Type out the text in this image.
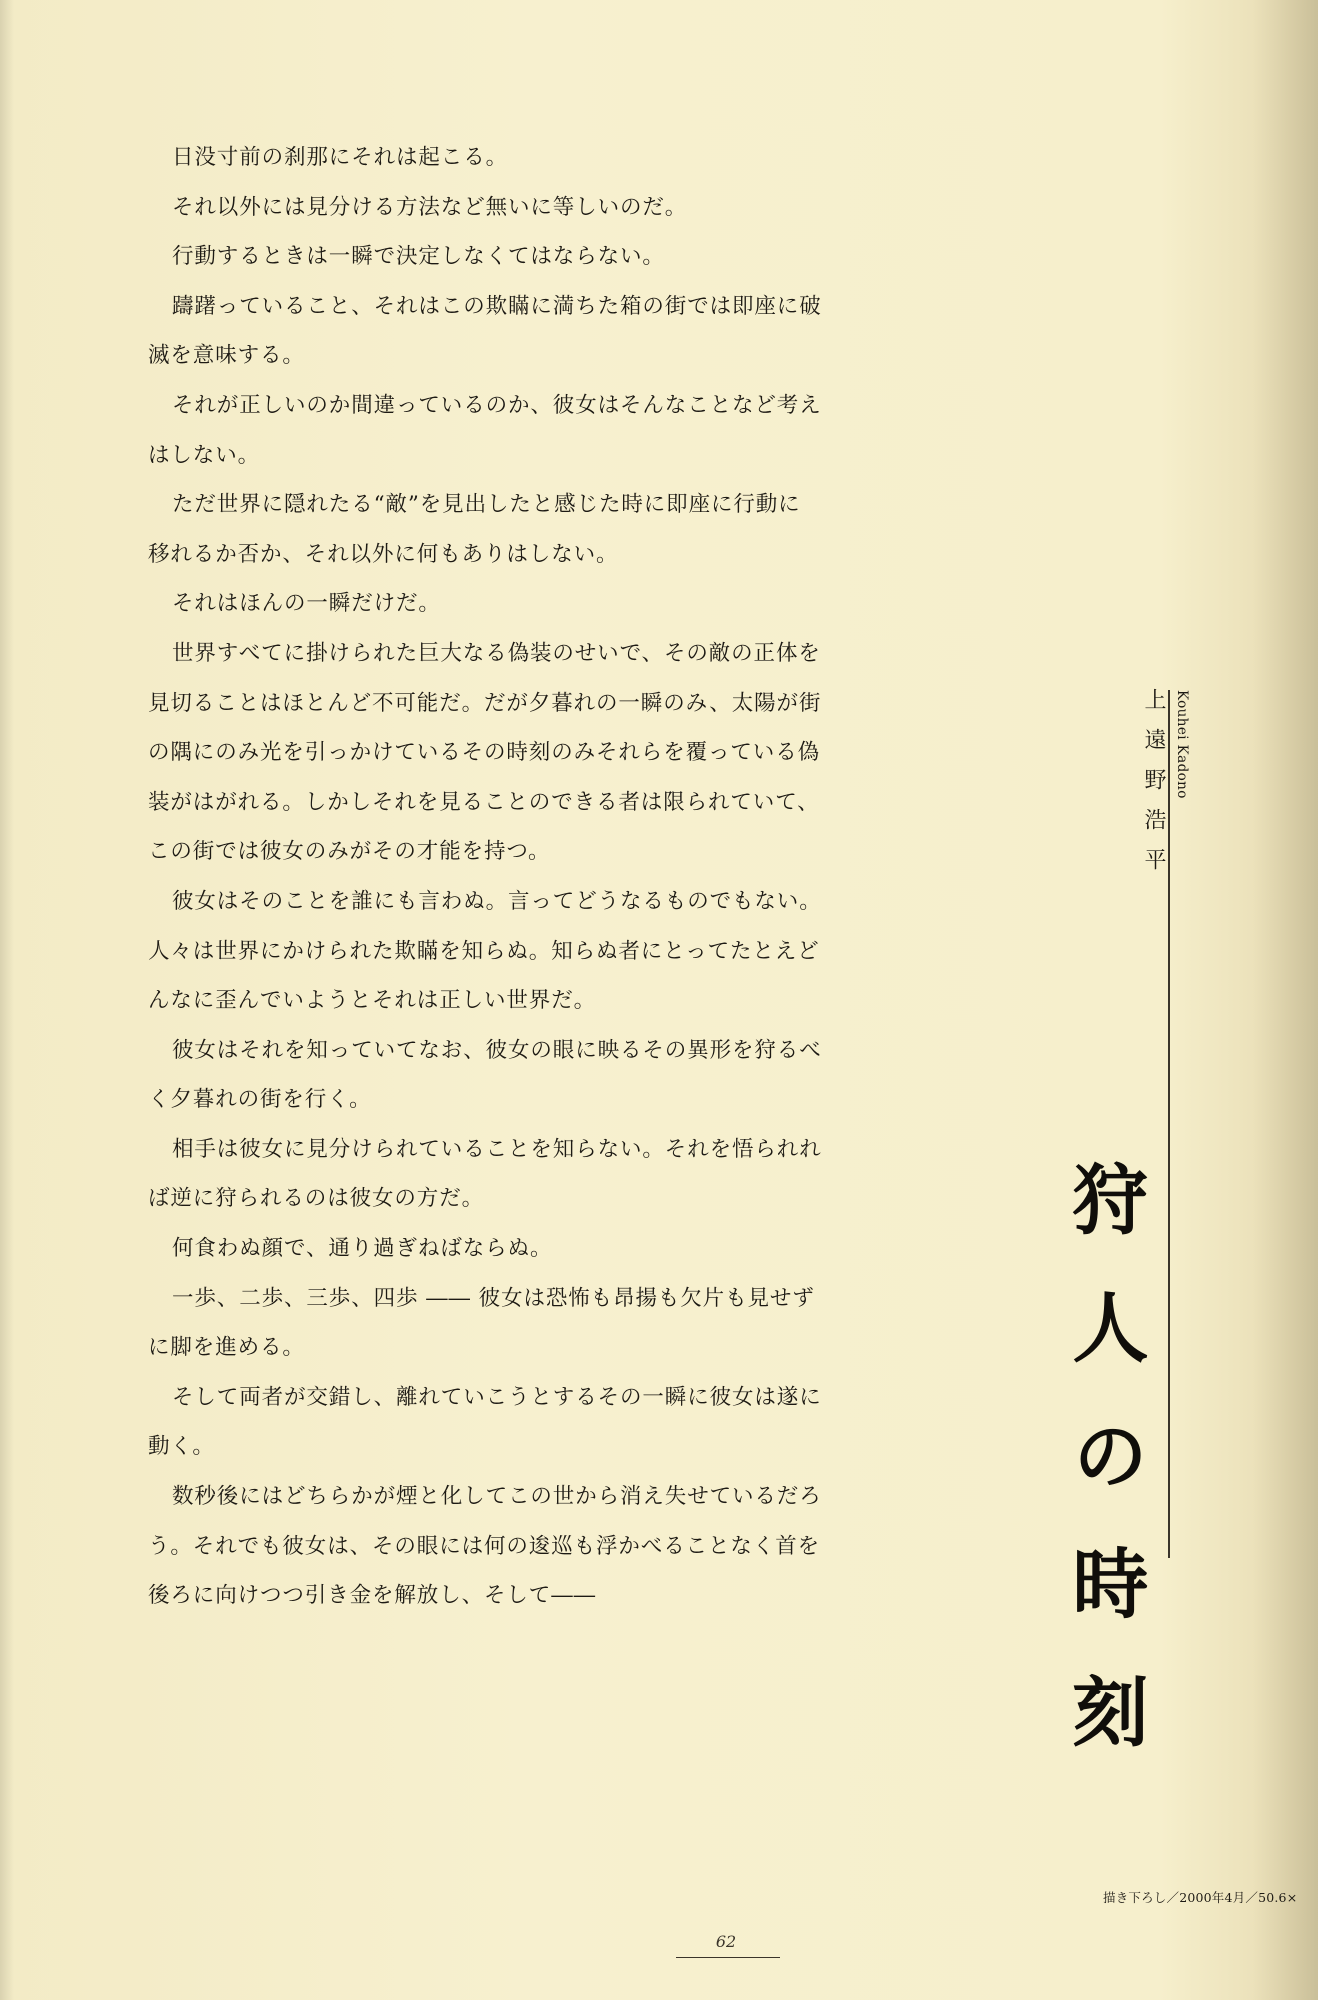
日没寸前の刹那にそれは起こる。

それ以外には見分ける方法など無いに等しいのだ。

行動するときは一瞬で決定しなくてはならない。

躊躇っていること、それはこの欺瞞に満ちた箱の街では即座に破

滅を意味する。

それが正しいのか間違っているのか、彼女はそんなことなど考え

はしない。

ただ世界に隠れたる“敵”を見出したと感じた時に即座に行動に

移れるか否か、それ以外に何もありはしない。

それはほんの一瞬だけだ。

世界すべてに掛けられた巨大なる偽装のせいで、その敵の正体を

見切ることはほとんど不可能だ。だが夕暮れの一瞬のみ、太陽が街

の隅にのみ光を引っかけているその時刻のみそれらを覆っている偽

装がはがれる。しかしそれを見ることのできる者は限られていて、

この街では彼女のみがその才能を持つ。

彼女はそのことを誰にも言わぬ。言ってどうなるものでもない。

人々は世界にかけられた欺瞞を知らぬ。知らぬ者にとってたとえど

んなに歪んでいようとそれは正しい世界だ。

彼女はそれを知っていてなお、彼女の眼に映るその異形を狩るべ

く夕暮れの街を行く。

相手は彼女に見分けられていることを知らない。それを悟られれ

ば逆に狩られるのは彼女の方だ。

何食わぬ顔で、通り過ぎねばならぬ。

一歩、二歩、三歩、四歩 ―― 彼女は恐怖も昂揚も欠片も見せず

に脚を進める。

そして両者が交錯し、離れていこうとするその一瞬に彼女は遂に

動く。

数秒後にはどちらかが煙と化してこの世から消え失せているだろ

う。それでも彼女は、その眼には何の逡巡も浮かべることなく首を

後ろに向けつつ引き金を解放し、そして――

上遠野浩平 Kouhei Kadono
狩人の時刻
描き下ろし／2000年4月／50.6×
62
